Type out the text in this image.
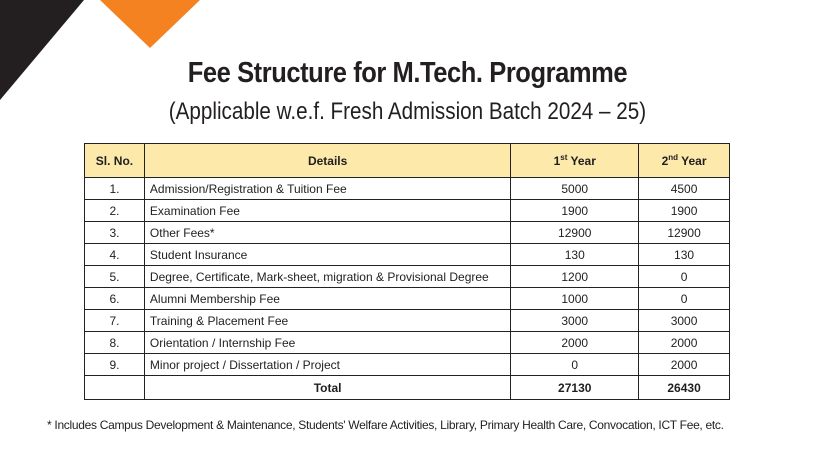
Fee Structure for M.Tech. Programme
(Applicable w.e.f. Fresh Admission Batch 2024 – 25)
Sl. No.	Details	1st Year	2nd Year
1.	Admission/Registration & Tuition Fee	5000	4500
2.	Examination Fee	1900	1900
3.	Other Fees*	12900	12900
4.	Student Insurance	130	130
5.	Degree, Certificate, Mark-sheet, migration & Provisional Degree	1200	0
6.	Alumni Membership Fee	1000	0
7.	Training & Placement Fee	3000	3000
8.	Orientation / Internship Fee	2000	2000
9.	Minor project / Dissertation / Project	0	2000
	Total	27130	26430
* Includes Campus Development & Maintenance, Students' Welfare Activities, Library, Primary Health Care, Convocation, ICT Fee, etc.
